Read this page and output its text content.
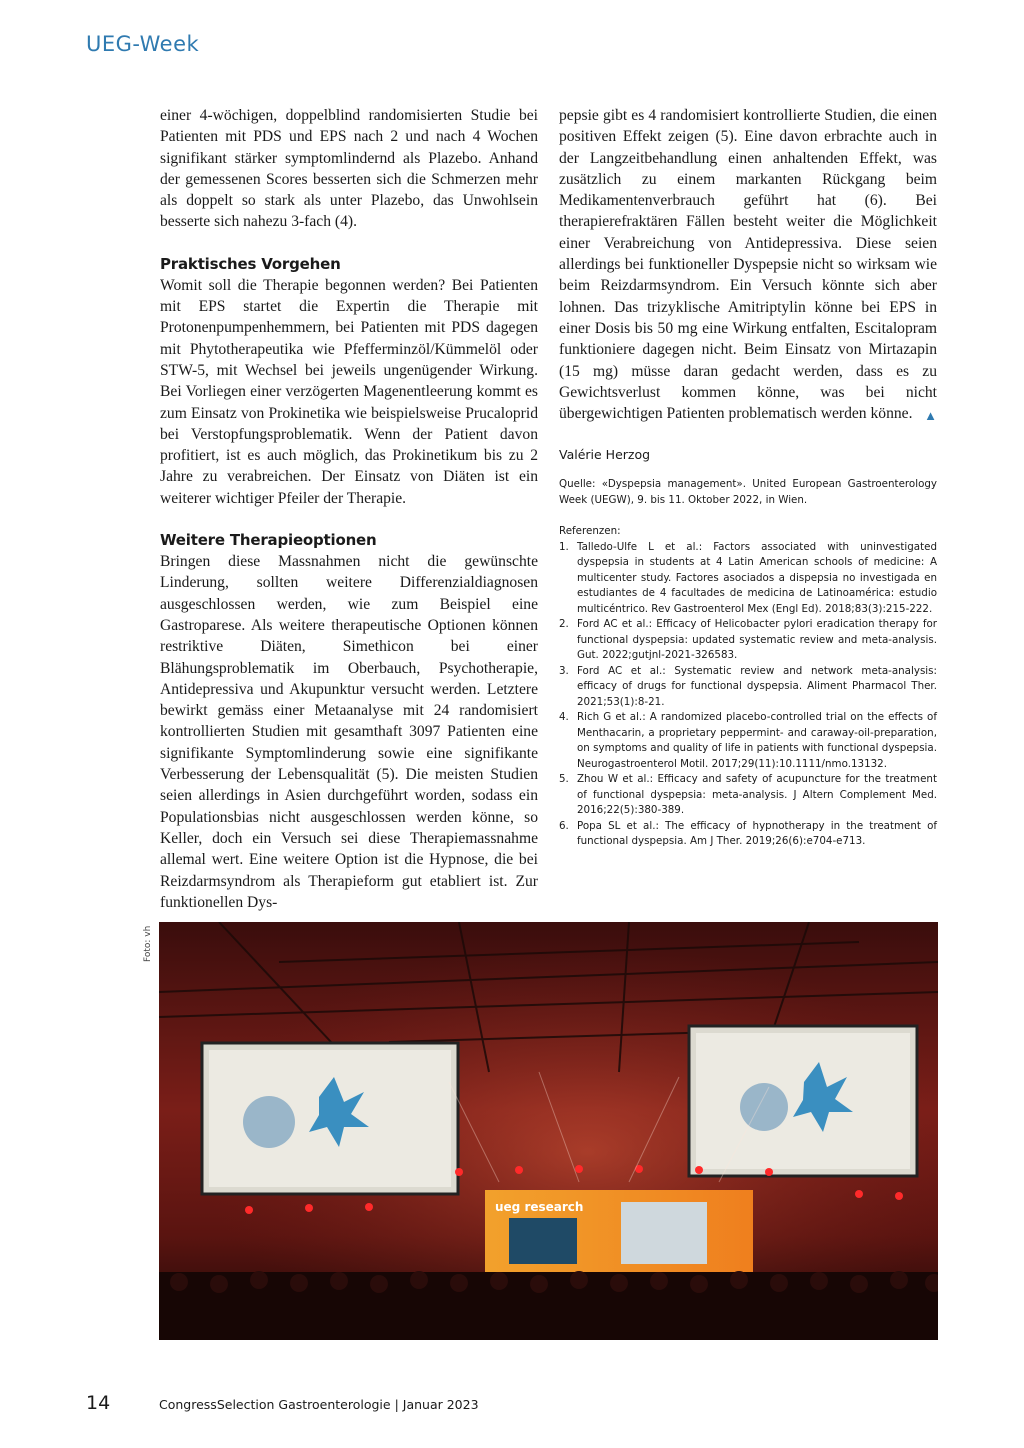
UEG-Week

einer 4-wöchigen, doppelblind randomisierten Studie bei Patienten mit PDS und EPS nach 2 und nach 4 Wochen signifikant stärker symptomlindernd als Plazebo. Anhand der gemessenen Scores besserten sich die Schmerzen mehr als doppelt so stark als unter Plazebo, das Unwohlsein besserte sich nahezu 3-fach (4).

Praktisches Vorgehen

Womit soll die Therapie begonnen werden? Bei Patienten mit EPS startet die Expertin die Therapie mit Protonenpumpenhemmern, bei Patienten mit PDS dagegen mit Phytotherapeutika wie Pfefferminzöl/Kümmelöl oder STW-5, mit Wechsel bei jeweils ungenügender Wirkung. Bei Vorliegen einer verzögerten Magenentleerung kommt es zum Einsatz von Prokinetika wie beispielsweise Prucaloprid bei Verstopfungsproblematik. Wenn der Patient davon profitiert, ist es auch möglich, das Prokinetikum bis zu 2 Jahre zu verabreichen. Der Einsatz von Diäten ist ein weiterer wichtiger Pfeiler der Therapie.

Weitere Therapieoptionen

Bringen diese Massnahmen nicht die gewünschte Linderung, sollten weitere Differenzialdiagnosen ausgeschlossen werden, wie zum Beispiel eine Gastroparese. Als weitere therapeutische Optionen können restriktive Diäten, Simethicon bei einer Blähungsproblematik im Oberbauch, Psychotherapie, Antidepressiva und Akupunktur versucht werden. Letztere bewirkt gemäss einer Metaanalyse mit 24 randomisiert kontrollierten Studien mit gesamthaft 3097 Patienten eine signifikante Symptomlinderung sowie eine signifikante Verbesserung der Lebensqualität (5). Die meisten Studien seien allerdings in Asien durchgeführt worden, sodass ein Populationsbias nicht ausgeschlossen werden könne, so Keller, doch ein Versuch sei diese Therapiemassnahme allemal wert. Eine weitere Option ist die Hypnose, die bei Reizdarmsyndrom als Therapieform gut etabliert ist. Zur funktionellen Dys-

pepsie gibt es 4 randomisiert kontrollierte Studien, die einen positiven Effekt zeigen (5). Eine davon erbrachte auch in der Langzeitbehandlung einen anhaltenden Effekt, was zusätzlich zu einem markanten Rückgang beim Medikamentenverbrauch geführt hat (6). Bei therapierefraktären Fällen besteht weiter die Möglichkeit einer Verabreichung von Antidepressiva. Diese seien allerdings bei funktioneller Dyspepsie nicht so wirksam wie beim Reizdarmsyndrom. Ein Versuch könnte sich aber lohnen. Das trizyklische Amitriptylin könne bei EPS in einer Dosis bis 50 mg eine Wirkung entfalten, Escitalopram funktioniere dagegen nicht. Beim Einsatz von Mirtazapin (15 mg) müsse daran gedacht werden, dass es zu Gewichtsverlust kommen könne, was bei nicht übergewichtigen Patienten problematisch werden könne. ▲

Valérie Herzog
Quelle: «Dyspepsia management». United European Gastroenterology Week (UEGW), 9. bis 11. Oktober 2022, in Wien.
Referenzen:
1. Talledo-Ulfe L et al.: Factors associated with uninvestigated dyspepsia in students at 4 Latin American schools of medicine: A multicenter study. Factores asociados a dispepsia no investigada en estudiantes de 4 facultades de medicina de Latinoamérica: estudio multicéntrico. Rev Gastroenterol Mex (Engl Ed). 2018;83(3):215-222.
2. Ford AC et al.: Efficacy of Helicobacter pylori eradication therapy for functional dyspepsia: updated systematic review and meta-analysis. Gut. 2022;gutjnl-2021-326583.
3. Ford AC et al.: Systematic review and network meta-analysis: efficacy of drugs for functional dyspepsia. Aliment Pharmacol Ther. 2021;53(1):8-21.
4. Rich G et al.: A randomized placebo-controlled trial on the effects of Menthacarin, a proprietary peppermint- and caraway-oil-preparation, on symptoms and quality of life in patients with functional dyspepsia. Neurogastroenterol Motil. 2017;29(11):10.1111/nmo.13132.
5. Zhou W et al.: Efficacy and safety of acupuncture for the treatment of functional dyspepsia: meta-analysis. J Altern Complement Med. 2016;22(5):380-389.
6. Popa SL et al.: The efficacy of hypnotherapy in the treatment of functional dyspepsia. Am J Ther. 2019;26(6):e704-e713.
Foto: vh
ueg research
14	CongressSelection Gastroenterologie | Januar 2023
